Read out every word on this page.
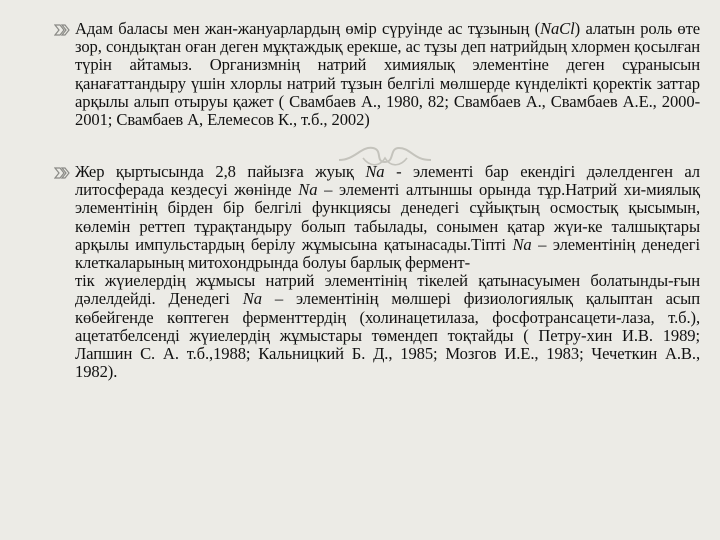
Адам баласы мен жан-жануарлардың өмір сүруінде ас тұзының (NaCl) алатын роль өте зор, сондықтан оған деген мұқтаждық ерекше, ас тұзы деп натрийдың хлормен қосылған түрін айтамыз. Организмнің натрий химиялық элементіне деген сұранысын қанағаттандыру үшін хлорлы натрий тұзын белгілі мөлшерде күнделікті қоректік заттар арқылы алып отыруы қажет ( Свамбаев А., 1980, 82; Свамбаев А., Свамбаев А.Е., 2000-2001; Свамбаев А, Елемесов К., т.б., 2002)
Жер қыртысында 2,8 пайызға жуық Na - элементі бар екендігі дәлелденген ал литосферада кездесуі жөнінде Na – элементі алтыншы орында тұр.Натрий хи-миялық элементінің бірден бір белгілі функциясы денедегі сұйықтың осмостық қысымын, көлемін реттеп тұрақтандыру болып табылады, сонымен қатар жүи-ке талшықтары арқылы импульстардың берілу жұмысына қатынасады.Тіпті Na – элементінің денедегі клеткаларының митохондрында болуы барлық фермент-
тік жүиелердің жұмысы натрий элементінің тікелей қатынасуымен болатынды-ғын дәлелдейді. Денедегі Na – элементінің мөлшері физиологиялық қалыптан асып көбейгенде көптеген ферменттердің (холинацетилаза, фосфотрансацети-лаза, т.б.), ацетатбелсенді жүиелердің жұмыстары төмендеп тоқтайды ( Петру-хин И.В. 1989; Лапшин С. А. т.б.,1988; Кальницкий Б. Д., 1985; Мозгов И.Е., 1983; Чечеткин А.В., 1982).
